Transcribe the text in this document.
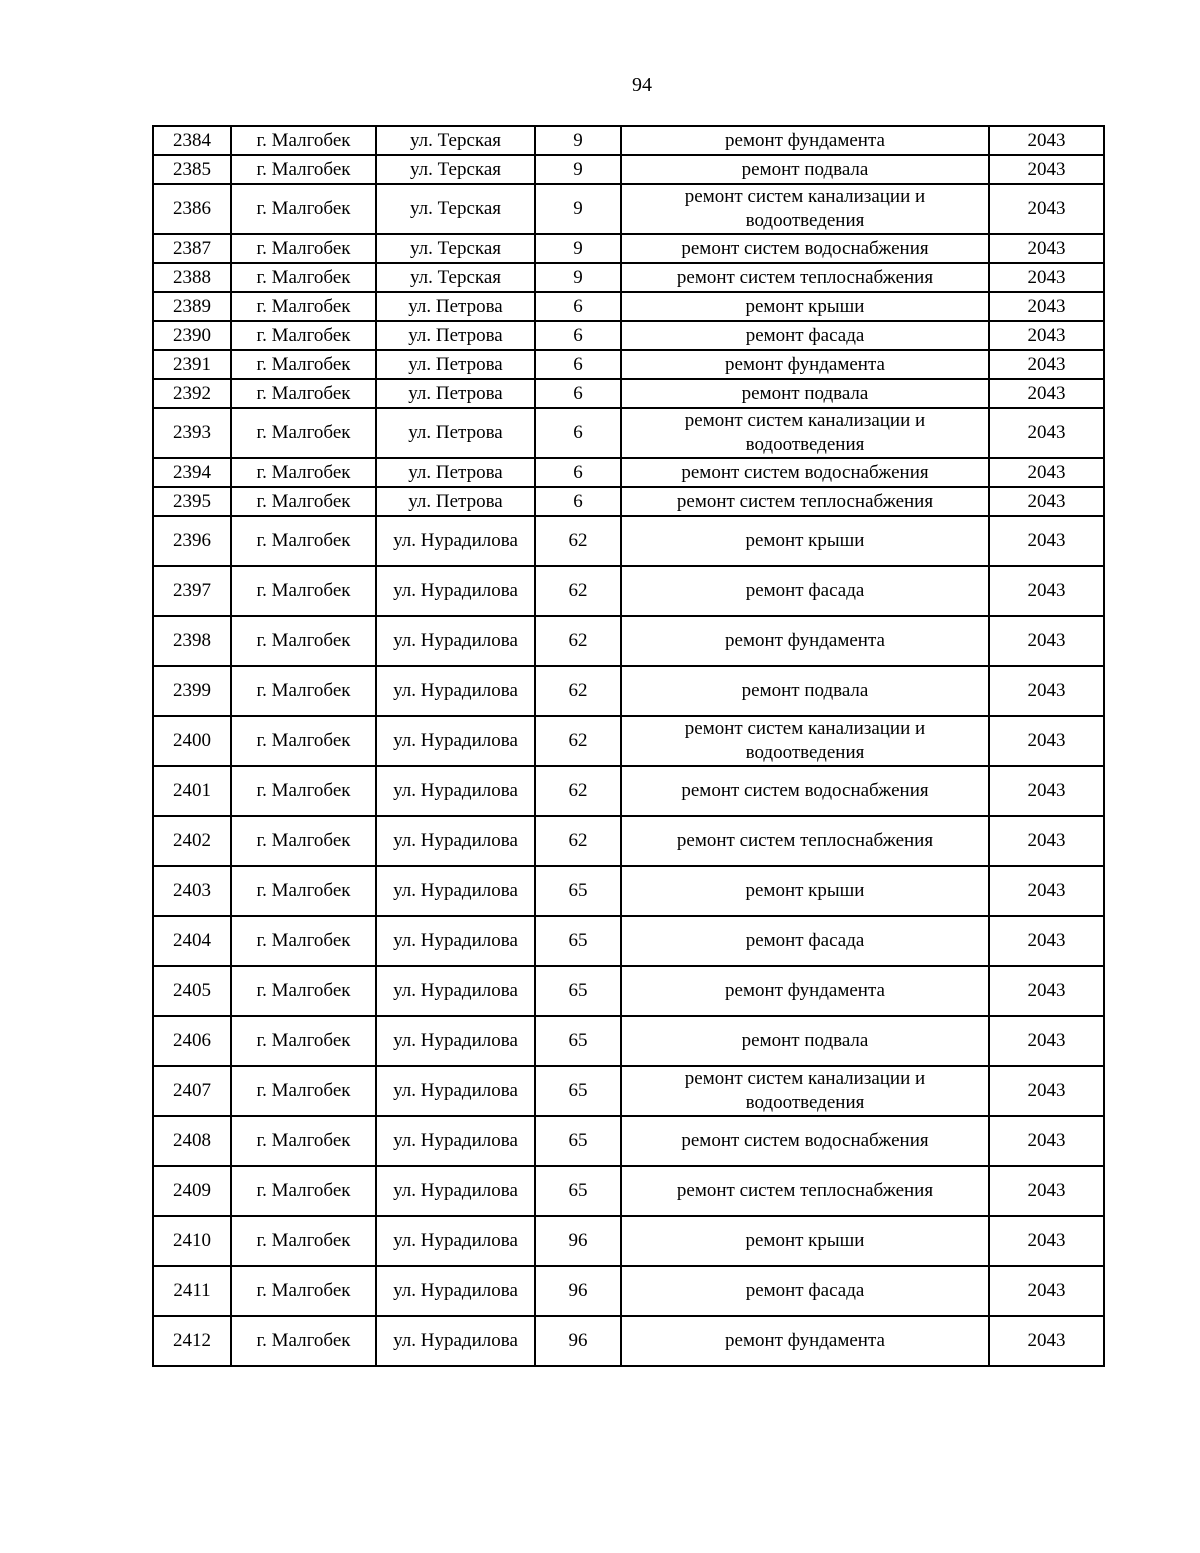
94
2384	г. Малгобек	ул. Терская	9	ремонт фундамента	2043
2385	г. Малгобек	ул. Терская	9	ремонт подвала	2043
2386	г. Малгобек	ул. Терская	9	ремонт систем канализации и водоотведения	2043
2387	г. Малгобек	ул. Терская	9	ремонт систем водоснабжения	2043
2388	г. Малгобек	ул. Терская	9	ремонт систем теплоснабжения	2043
2389	г. Малгобек	ул. Петрова	6	ремонт крыши	2043
2390	г. Малгобек	ул. Петрова	6	ремонт фасада	2043
2391	г. Малгобек	ул. Петрова	6	ремонт фундамента	2043
2392	г. Малгобек	ул. Петрова	6	ремонт подвала	2043
2393	г. Малгобек	ул. Петрова	6	ремонт систем канализации и водоотведения	2043
2394	г. Малгобек	ул. Петрова	6	ремонт систем водоснабжения	2043
2395	г. Малгобек	ул. Петрова	6	ремонт систем теплоснабжения	2043
2396	г. Малгобек	ул. Нурадилова	62	ремонт крыши	2043
2397	г. Малгобек	ул. Нурадилова	62	ремонт фасада	2043
2398	г. Малгобек	ул. Нурадилова	62	ремонт фундамента	2043
2399	г. Малгобек	ул. Нурадилова	62	ремонт подвала	2043
2400	г. Малгобек	ул. Нурадилова	62	ремонт систем канализации и водоотведения	2043
2401	г. Малгобек	ул. Нурадилова	62	ремонт систем водоснабжения	2043
2402	г. Малгобек	ул. Нурадилова	62	ремонт систем теплоснабжения	2043
2403	г. Малгобек	ул. Нурадилова	65	ремонт крыши	2043
2404	г. Малгобек	ул. Нурадилова	65	ремонт фасада	2043
2405	г. Малгобек	ул. Нурадилова	65	ремонт фундамента	2043
2406	г. Малгобек	ул. Нурадилова	65	ремонт подвала	2043
2407	г. Малгобек	ул. Нурадилова	65	ремонт систем канализации и водоотведения	2043
2408	г. Малгобек	ул. Нурадилова	65	ремонт систем водоснабжения	2043
2409	г. Малгобек	ул. Нурадилова	65	ремонт систем теплоснабжения	2043
2410	г. Малгобек	ул. Нурадилова	96	ремонт крыши	2043
2411	г. Малгобек	ул. Нурадилова	96	ремонт фасада	2043
2412	г. Малгобек	ул. Нурадилова	96	ремонт фундамента	2043
